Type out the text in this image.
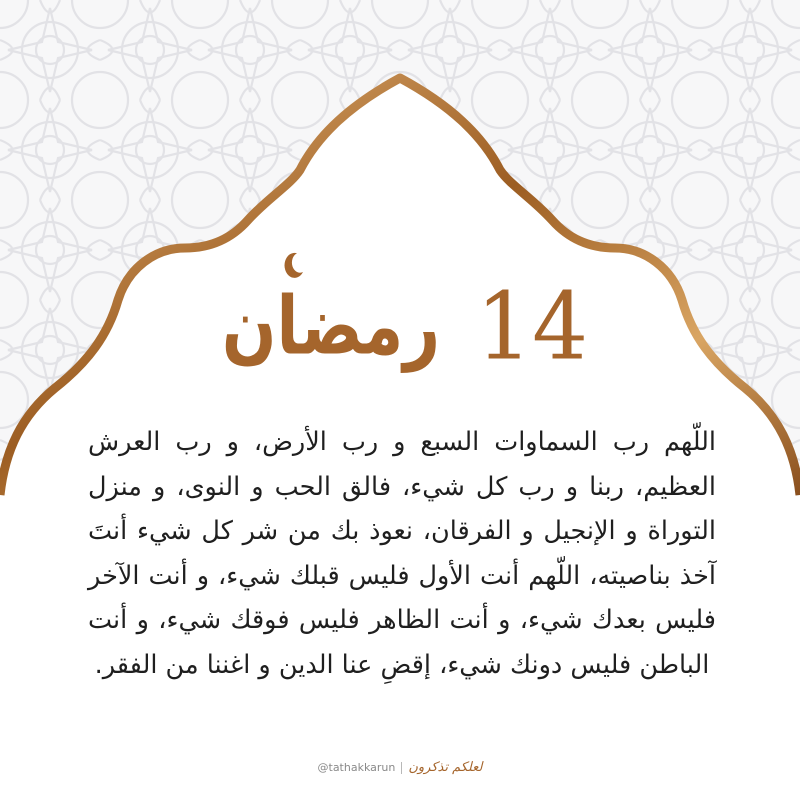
رمضان 14

اللّهم رب السماوات السبع و رب الأرض، و رب العرش العظيم، ربنا و رب كل شيء، فالق الحب و النوى، و منزل التوراة و الإنجيل و الفرقان، نعوذ بك من شر كل شيء أنتَ آخذ بناصيته، اللّهم أنت الأول فليس قبلك شيء، و أنت الآخر فليس بعدك شيء، و أنت الظاهر فليس فوقك شيء، و أنت الباطن فليس دونك شيء، إقضِ عنا الدين و اغننا من الفقر.

@tathakkarun لعلكم تذكرون
